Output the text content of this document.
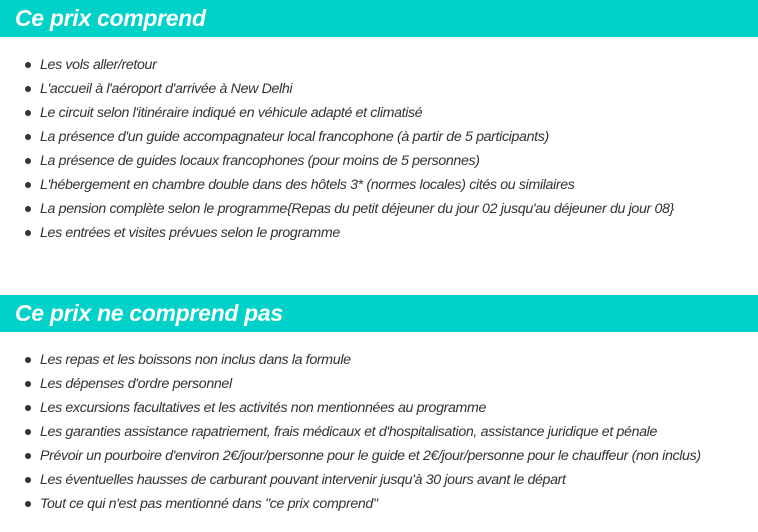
Ce prix comprend
Les vols aller/retour
L'accueil à l'aéroport d'arrivée à New Delhi
Le circuit selon l'itinéraire indiqué en véhicule adapté et climatisé
La présence d'un guide accompagnateur local francophone (à partir de 5 participants)
La présence de guides locaux francophones (pour moins de 5 personnes)
L'hébergement en chambre double dans des hôtels 3* (normes locales) cités ou similaires
La pension complète selon le programme{Repas du petit déjeuner du jour 02 jusqu'au déjeuner du jour 08}
Les entrées et visites prévues selon le programme
Ce prix ne comprend pas
Les repas et les boissons non inclus dans la formule
Les dépenses d'ordre personnel
Les excursions facultatives et les activités non mentionnées au programme
Les garanties assistance rapatriement, frais médicaux et d'hospitalisation, assistance juridique et pénale
Prévoir un pourboire d'environ 2€/jour/personne pour le guide et 2€/jour/personne pour le chauffeur (non inclus)
Les éventuelles hausses de carburant pouvant intervenir jusqu'à 30 jours avant le départ
Tout ce qui n'est pas mentionné dans "ce prix comprend"
